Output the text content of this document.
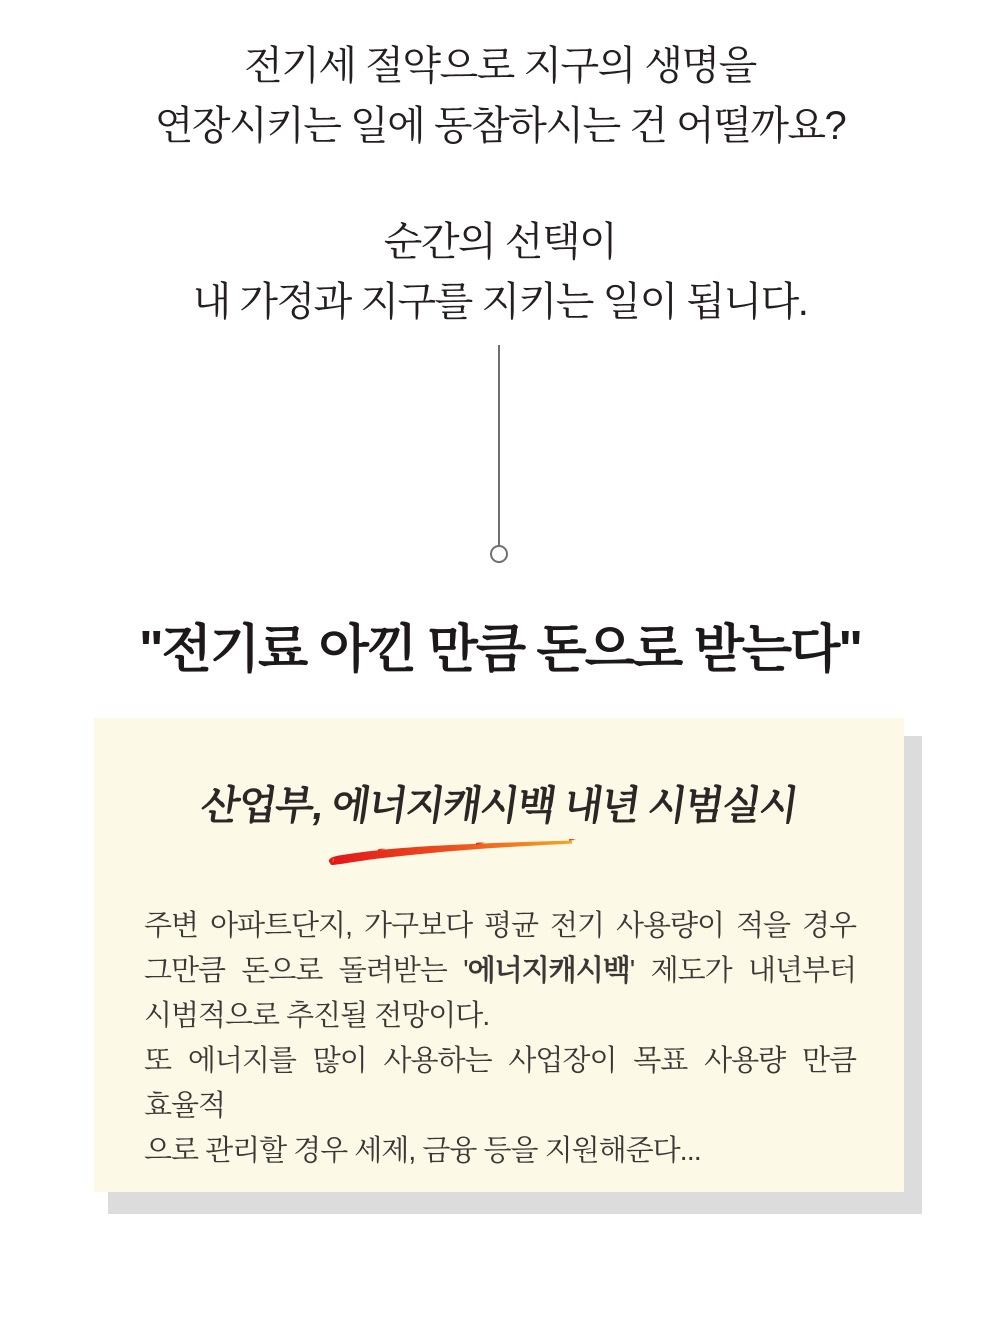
전기세 절약으로 지구의 생명을
연장시키는 일에 동참하시는 건 어떨까요?
순간의 선택이
내 가정과 지구를 지키는 일이 됩니다.
"전기료 아낀 만큼 돈으로 받는다"
산업부, 에너지캐시백 내년 시범실시
주변 아파트단지, 가구보다 평균 전기 사용량이 적을 경우
그만큼 돈으로 돌려받는 '에너지캐시백' 제도가 내년부터
시범적으로 추진될 전망이다.
또 에너지를 많이 사용하는 사업장이 목표 사용량 만큼 효율적
으로 관리할 경우 세제, 금융 등을 지원해준다...
